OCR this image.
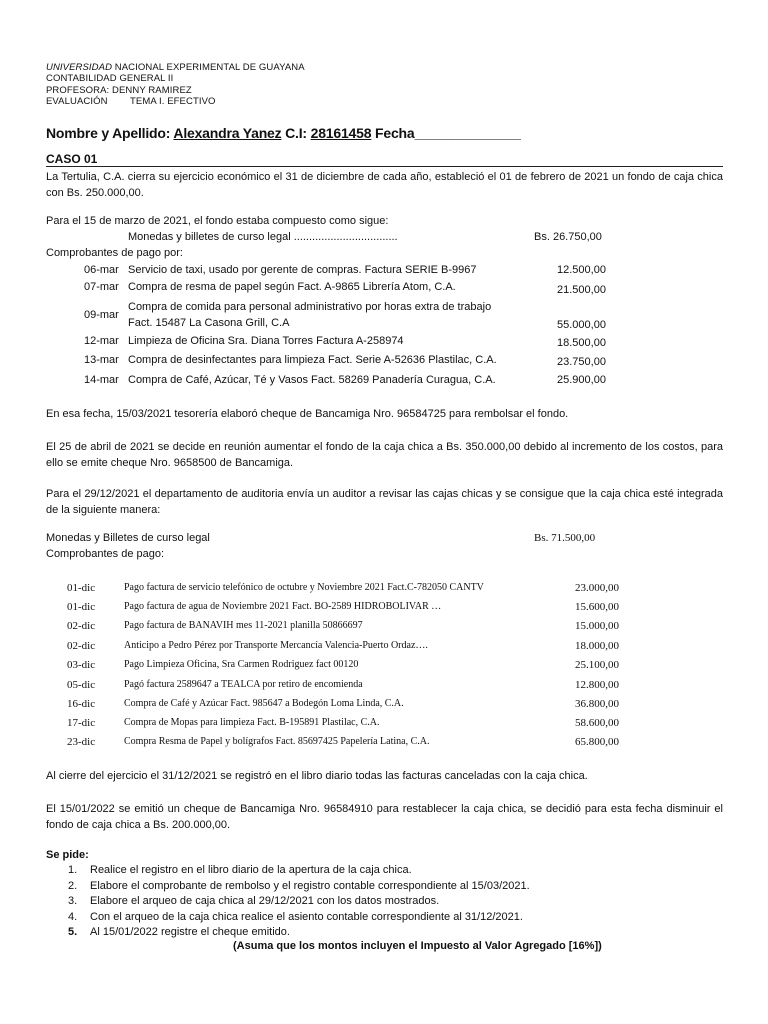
UNIVERSIDAD NACIONAL EXPERIMENTAL DE GUAYANA
CONTABILIDAD GENERAL II
PROFESORA: DENNY RAMIREZ
EVALUACIÓN TEMA I. EFECTIVO
Nombre y Apellido: Alexandra Yanez C.I: 28161458 Fecha______________
CASO 01
La Tertulia, C.A. cierra su ejercicio económico el 31 de diciembre de cada año, estableció el 01 de febrero de 2021 un fondo de caja chica con Bs. 250.000,00.
Para el 15 de marzo de 2021, el fondo estaba compuesto como sigue:
Monedas y billetes de curso legal ..................................	Bs. 26.750,00
Comprobantes de pago por:
06-mar Servicio de taxi, usado por gerente de compras. Factura SERIE B-9967	12.500,00
07-mar Compra de resma de papel según Fact. A-9865 Librería Atom, C.A.	21.500,00
Compra de comida para personal administrativo por horas extra de trabajo
09-mar
Fact. 15487 La Casona Grill, C.A	55.000,00
12-mar Limpieza de Oficina Sra. Diana Torres Factura A-258974	18.500,00
13-mar Compra de desinfectantes para limpieza Fact. Serie A-52636 Plastilac, C.A.	23.750,00
14-mar Compra de Café, Azúcar, Té y Vasos Fact. 58269 Panadería Curagua, C.A.	25.900,00
En esa fecha, 15/03/2021 tesorería elaboró cheque de Bancamiga Nro. 96584725 para rembolsar el fondo.
El 25 de abril de 2021 se decide en reunión aumentar el fondo de la caja chica a Bs. 350.000,00 debido al incremento de los costos, para ello se emite cheque Nro. 9658500 de Bancamiga.
Para el 29/12/2021 el departamento de auditoria envía un auditor a revisar las cajas chicas y se consigue que la caja chica esté integrada de la siguiente manera:
Monedas y Billetes de curso legal	Bs. 71.500,00
Comprobantes de pago:
01-dic	Pago factura de servicio telefónico de octubre y Noviembre 2021 Fact.C-782050 CANTV	23.000,00
01-dic	Pago factura de agua de Noviembre 2021 Fact. BO-2589 HIDROBOLIVAR …	15.600,00
02-dic	Pago factura de BANAVIH mes 11-2021 planilla 50866697	15.000,00
02-dic	Anticipo a Pedro Pérez por Transporte Mercancía Valencia-Puerto Ordaz….	18.000,00
03-dic	Pago Limpieza Oficina, Sra Carmen Rodriguez fact 00120	25.100,00
05-dic	Pagó factura 2589647 a TEALCA por retiro de encomienda	12.800,00
16-dic	Compra de Café y Azúcar Fact. 985647 a Bodegón Loma Linda, C.A.	36.800,00
17-dic	Compra de Mopas para limpieza Fact. B-195891 Plastilac, C.A.	58.600,00
23-dic	Compra Resma de Papel y bolígrafos Fact. 85697425 Papelería Latina, C.A.	65.800,00
Al cierre del ejercicio el 31/12/2021 se registró en el libro diario todas las facturas canceladas con la caja chica.
El 15/01/2022 se emitió un cheque de Bancamiga Nro. 96584910 para restablecer la caja chica, se decidió para esta fecha disminuir el fondo de caja chica a Bs. 200.000,00.
Se pide:
1. Realice el registro en el libro diario de la apertura de la caja chica.
2. Elabore el comprobante de rembolso y el registro contable correspondiente al 15/03/2021.
3. Elabore el arqueo de caja chica al 29/12/2021 con los datos mostrados.
4. Con el arqueo de la caja chica realice el asiento contable correspondiente al 31/12/2021.
5. Al 15/01/2022 registre el cheque emitido.
(Asuma que los montos incluyen el Impuesto al Valor Agregado [16%])
